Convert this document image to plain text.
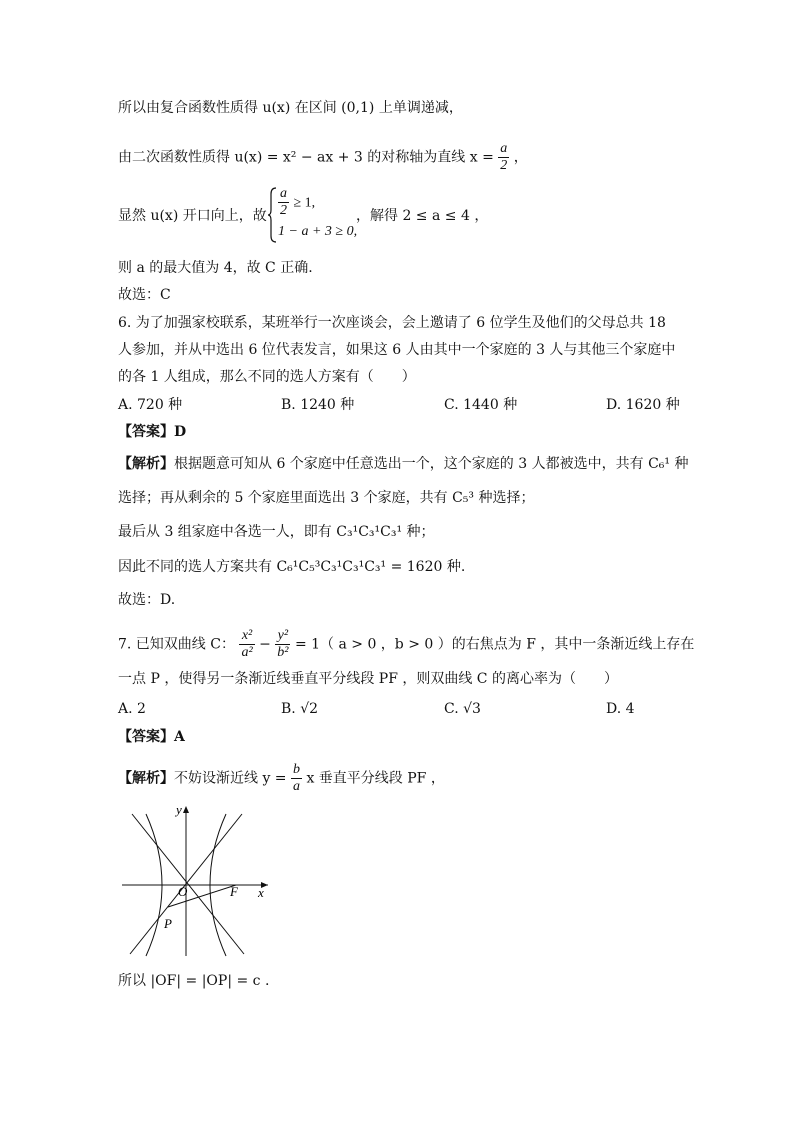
所以由复合函数性质得 u(x) 在区间 (0,1) 上单调递减，
由二次函数性质得 u(x) = x² − ax + 3 的对称轴为直线 $x = \frac{a}{2}$ ，
显然 u(x) 开口向上，故 $\frac{a}{2} \ge 1$,
1 − a + 3 ≥ 0,
，解得 2 ≤ a ≤ 4 ，
则 a 的最大值为 4，故 C 正确.
故选：C
6. 为了加强家校联系，某班举行一次座谈会，会上邀请了 6 位学生及他们的父母总共 18
人参加，并从中选出 6 位代表发言，如果这 6 人由其中一个家庭的 3 人与其他三个家庭中
的各 1 人组成，那么不同的选人方案有（　　）
A. 720 种	B. 1240 种	C. 1440 种	D. 1620 种
【答案】D
【解析】根据题意可知从 6 个家庭中任意选出一个，这个家庭的 3 人都被选中，共有 C₆¹ 种
选择；再从剩余的 5 个家庭里面选出 3 个家庭，共有 C₅³ 种选择；
最后从 3 组家庭中各选一人，即有 C₃¹C₃¹C₃¹ 种；
因此不同的选人方案共有 C₆¹C₅³C₃¹C₃¹C₃¹ = 1620 种.
故选：D.
7. 已知双曲线 C： $\frac{\text{x²}}{\text{a²}} - \frac{\text{y²}}{\text{b²}} = 1$（ a > 0 ，b > 0 ）的右焦点为 F ，其中一条渐近线上存在
一点 P ，使得另一条渐近线垂直平分线段 PF ，则双曲线 C 的离心率为（　　）
A. 2	B. √2	C. √3	D. 4
【答案】A
【解析】不妨设渐近线 $y = \frac{b}{a}$ x 垂直平分线段 PF ，
O	F x
y
P
所以 |OF| = |OP| = c .
